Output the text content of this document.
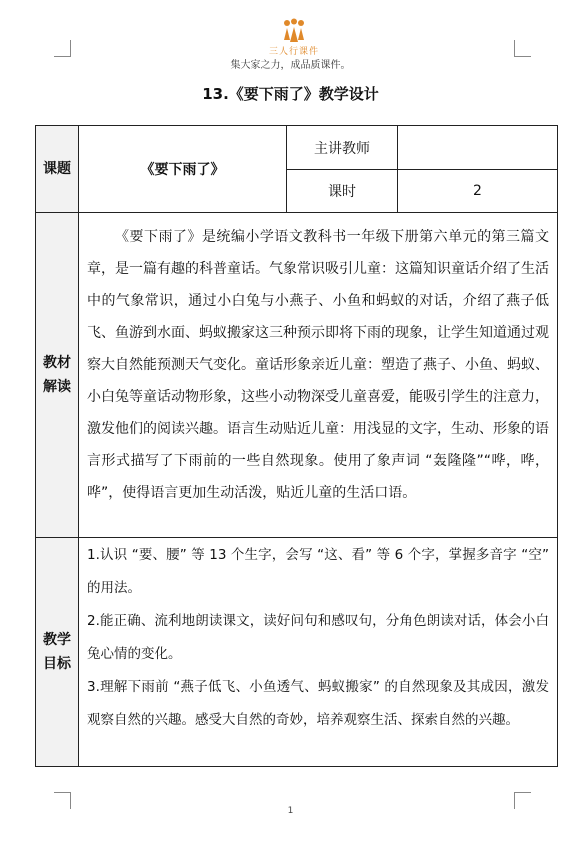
三人行课件
集大家之力，成品质课件。
13.《要下雨了》教学设计
课题	《要下雨了》
主讲教师
课时	2
教材解读

《要下雨了》是统编小学语文教科书一年级下册第六单元的第三篇文章，是一篇有趣的科普童话。气象常识吸引儿童：这篇知识童话介绍了生活中的气象常识，通过小白兔与小燕子、小鱼和蚂蚁的对话，介绍了燕子低飞、鱼游到水面、蚂蚁搬家这三种预示即将下雨的现象，让学生知道通过观察大自然能预测天气变化。童话形象亲近儿童：塑造了燕子、小鱼、蚂蚁、小白兔等童话动物形象，这些小动物深受儿童喜爱，能吸引学生的注意力，激发他们的阅读兴趣。语言生动贴近儿童：用浅显的文字，生动、形象的语言形式描写了下雨前的一些自然现象。使用了象声词 “轰隆隆”“哗，哗，哗”，使得语言更加生动活泼，贴近儿童的生活口语。

教学目标

1.认识 “要、腰” 等 13 个生字，会写 “这、看” 等 6 个字，掌握多音字 “空” 的用法。

2.能正确、流利地朗读课文，读好问句和感叹句，分角色朗读对话，体会小白兔心情的变化。

3.理解下雨前 “燕子低飞、小鱼透气、蚂蚁搬家” 的自然现象及其成因，激发观察自然的兴趣。感受大自然的奇妙，培养观察生活、探索自然的兴趣。

1
